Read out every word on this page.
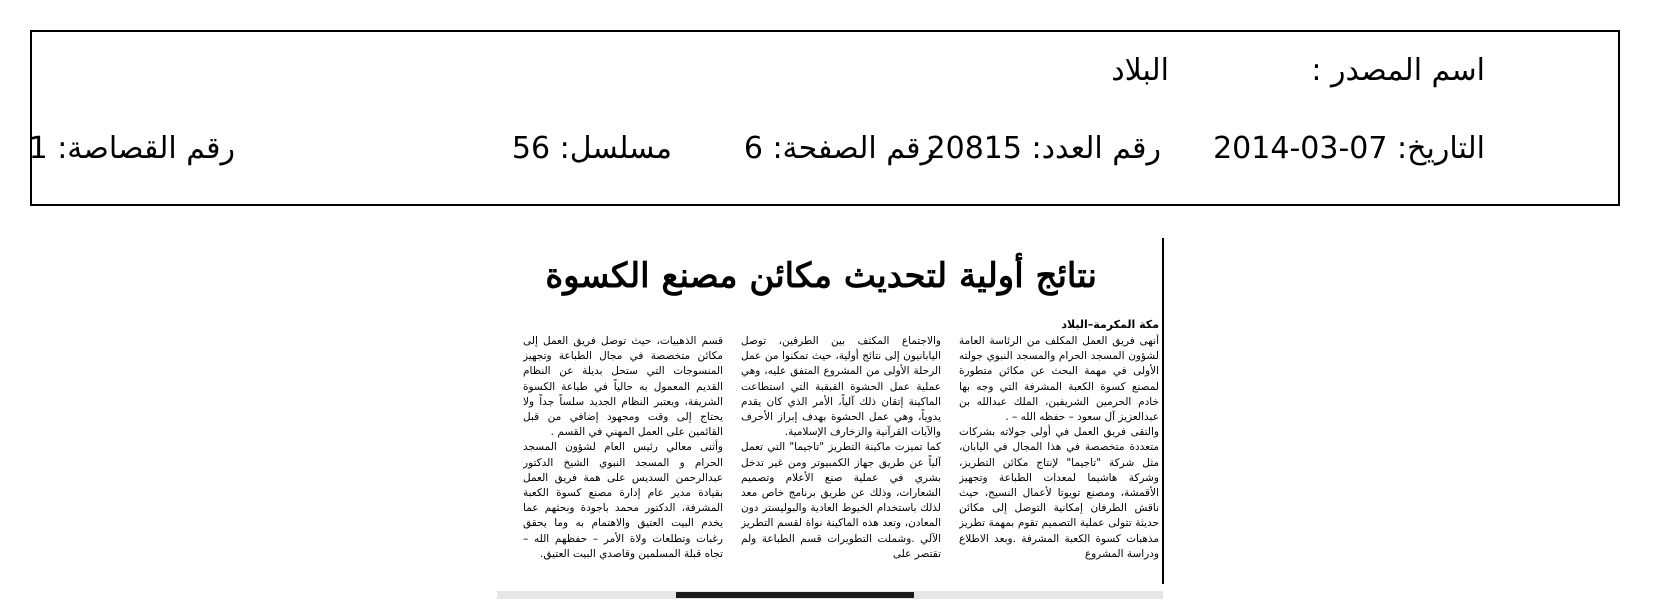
اسم المصدر :
البلاد
التاريخ: 07-03-2014
رقم العدد: 20815
رقم الصفحة: 6
مسلسل: 56
رقم القصاصة: 1
نتائج أولية لتحديث مكائن مصنع الكسوة
مكة المكرمة–البلاد

أنهى فريق العمل المكلف من الرئاسة العامة لشؤون المسجد الحرام والمسجد النبوي جولته الأولى في مهمة البحث عن مكائن متطورة لمصنع كسوة الكعبة المشرفة التي وجه بها خادم الحرمين الشريفين، الملك عبدالله بن عبدالعزيز آل سعود – حفظه الله – .

والتقى فريق العمل في أولى جولاته بشركات متعددة متخصصة في هذا المجال في اليابان، مثل شركة "تاجيما" لإنتاج مكائن التطريز، وشركة هاشيما لمعدات الطباعة وتجهيز الأقمشة، ومصنع تويوتا لأعمال النسيج، حيث ناقش الطرفان إمكانية التوصل إلى مكائن حديثة تتولى عملية التصميم تقوم بمهمة تطريز مذهبات كسوة الكعبة المشرفة .وبعد الاطلاع ودراسة المشروع

والاجتماع المكثف بين الطرفين، توصل اليابانيون إلى نتائج أولية، حيث تمكنوا من عمل الرحلة الأولى من المشروع المتفق عليه، وهي عملية عمل الحشوة القبقبة التي استطاعت الماكينة إتقان ذلك آلياً، الأمر الذي كان يقدم يدوياً، وهي عمل الحشوة بهدف إبراز الأحرف والآيات القرآنية والزخارف الإسلامية.

كما تميزت ماكينة التطريز "تاجيما" التي تعمل آلياً عن طريق جهاز الكمبيوتر ومن غير تدخل بشري في عملية صنع الأعلام وتصميم الشعارات، وذلك عن طريق برنامج خاص معد لذلك باستخدام الخيوط العادية والبوليستر دون المعادن، وتعد هذه الماكينة نواة لقسم التطريز الآلي .وشملت التطويرات قسم الطباعة ولم تقتصر على

قسم الذهبيات، حيث توصل فريق العمل إلى مكائن متخصصة في مجال الطباعة وتجهيز المنسوجات التي ستحل بديلة عن النظام القديم المعمول به حالياً في طباعة الكسوة الشريفة، ويعتبر النظام الجديد سلساً جداً ولا يحتاج إلى وقت ومجهود إضافي من قبل القائمين على العمل المهني في القسم .

وأثنى معالي رئيس العام لشؤون المسجد الحرام و المسجد النبوي الشيخ الدكتور عبدالرحمن السديس على همة فريق العمل بقيادة مدير عام إدارة مصنع كسوة الكعبة المشرفة، الدكتور محمد باجودة وبحثهم عما يخدم البيت العتيق والاهتمام به وما يحقق رغبات وتطلعات ولاة الأمر – حفظهم الله – تجاه قبلة المسلمين وقاصدي البيت العتيق.
